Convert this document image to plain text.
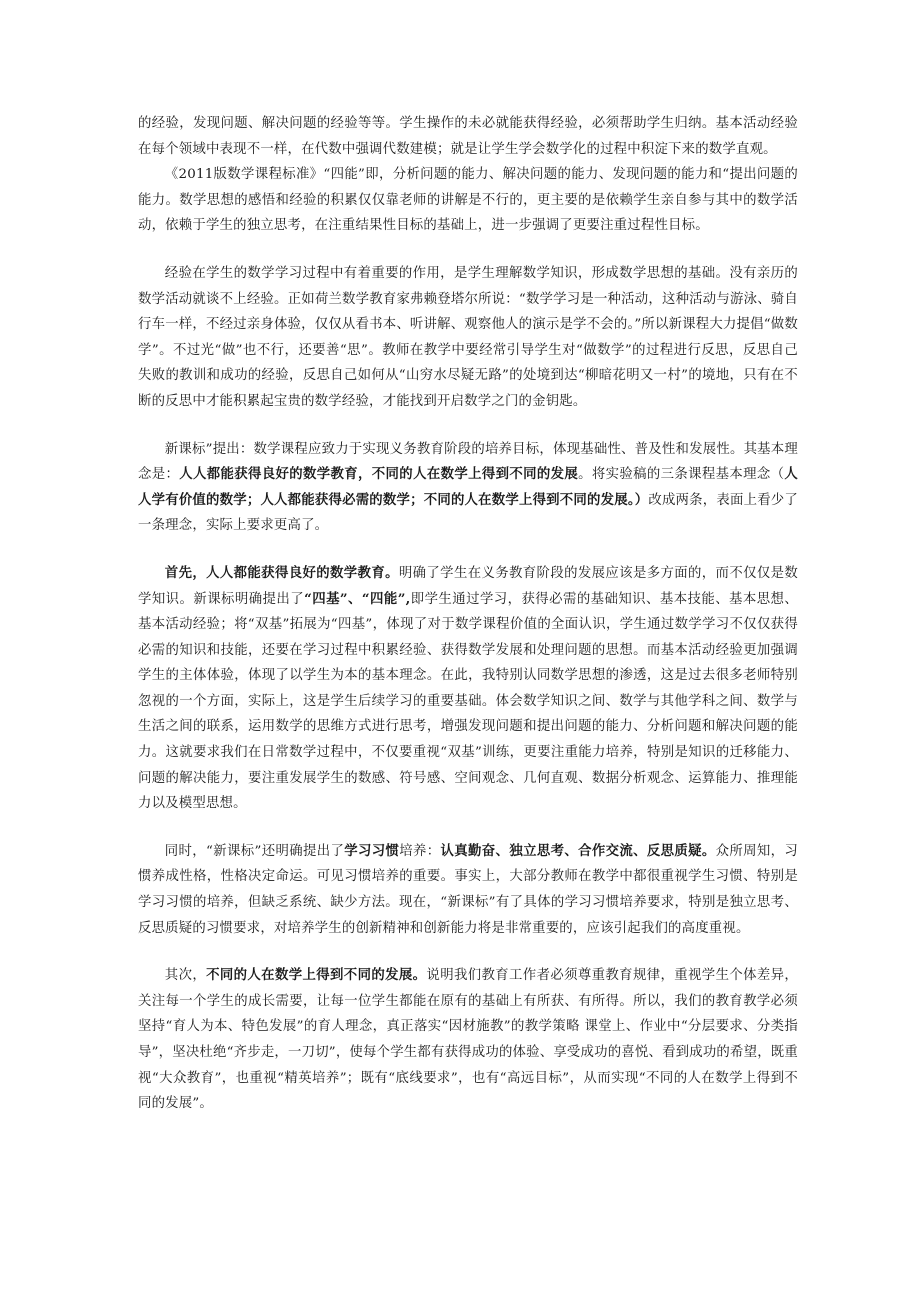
的经验，发现问题、解决问题的经验等等。学生操作的未必就能获得经验，必须帮助学生归纳。基本活动经验在每个领域中表现不一样，在代数中强调代数建模；就是让学生学会数学化的过程中积淀下来的数学直观。

《2011版数学课程标准》“四能”即，分析问题的能力、解决问题的能力、发现问题的能力和“提出问题的能力。数学思想的感悟和经验的积累仅仅靠老师的讲解是不行的，更主要的是依赖学生亲自参与其中的数学活动，依赖于学生的独立思考，在注重结果性目标的基础上，进一步强调了更要注重过程性目标。

经验在学生的数学学习过程中有着重要的作用，是学生理解数学知识，形成数学思想的基础。没有亲历的数学活动就谈不上经验。正如荷兰数学教育家弗赖登塔尔所说：“数学学习是一种活动，这种活动与游泳、骑自行车一样，不经过亲身体验，仅仅从看书本、听讲解、观察他人的演示是学不会的。”所以新课程大力提倡“做数学”。不过光“做”也不行，还要善“思”。教师在教学中要经常引导学生对“做数学”的过程进行反思，反思自己失败的教训和成功的经验，反思自己如何从“山穷水尽疑无路”的处境到达“柳暗花明又一村”的境地，只有在不断的反思中才能积累起宝贵的数学经验，才能找到开启数学之门的金钥匙。

新课标”提出：数学课程应致力于实现义务教育阶段的培养目标，体现基础性、普及性和发展性。其基本理念是：人人都能获得良好的数学教育，不同的人在数学上得到不同的发展。将实验稿的三条课程基本理念（人人学有价值的数学；人人都能获得必需的数学；不同的人在数学上得到不同的发展。）改成两条，表面上看少了一条理念，实际上要求更高了。

首先，人人都能获得良好的数学教育。明确了学生在义务教育阶段的发展应该是多方面的，而不仅仅是数学知识。新课标明确提出了“四基”、“四能”,即学生通过学习，获得必需的基础知识、基本技能、基本思想、基本活动经验；将“双基”拓展为“四基”，体现了对于数学课程价值的全面认识，学生通过数学学习不仅仅获得必需的知识和技能，还要在学习过程中积累经验、获得数学发展和处理问题的思想。而基本活动经验更加强调学生的主体体验，体现了以学生为本的基本理念。在此，我特别认同数学思想的渗透，这是过去很多老师特别忽视的一个方面，实际上，这是学生后续学习的重要基础。体会数学知识之间、数学与其他学科之间、数学与生活之间的联系，运用数学的思维方式进行思考，增强发现问题和提出问题的能力、分析问题和解决问题的能力。这就要求我们在日常数学过程中，不仅要重视“双基”训练，更要注重能力培养，特别是知识的迁移能力、问题的解决能力，要注重发展学生的数感、符号感、空间观念、几何直观、数据分析观念、运算能力、推理能力以及模型思想。

同时，“新课标”还明确提出了学习习惯培养：认真勤奋、独立思考、合作交流、反思质疑。众所周知，习惯养成性格，性格决定命运。可见习惯培养的重要。事实上，大部分教师在教学中都很重视学生习惯、特别是学习习惯的培养，但缺乏系统、缺少方法。现在，“新课标”有了具体的学习习惯培养要求，特别是独立思考、反思质疑的习惯要求，对培养学生的创新精神和创新能力将是非常重要的，应该引起我们的高度重视。

其次，不同的人在数学上得到不同的发展。说明我们教育工作者必须尊重教育规律，重视学生个体差异，关注每一个学生的成长需要，让每一位学生都能在原有的基础上有所获、有所得。所以，我们的教育教学必须坚持“育人为本、特色发展”的育人理念，真正落实“因材施教”的教学策略 课堂上、作业中“分层要求、分类指导”，坚决杜绝“齐步走，一刀切”，使每个学生都有获得成功的体验、享受成功的喜悦、看到成功的希望，既重视“大众教育”，也重视“精英培养”；既有“底线要求”，也有“高远目标”，从而实现“不同的人在数学上得到不同的发展”。
